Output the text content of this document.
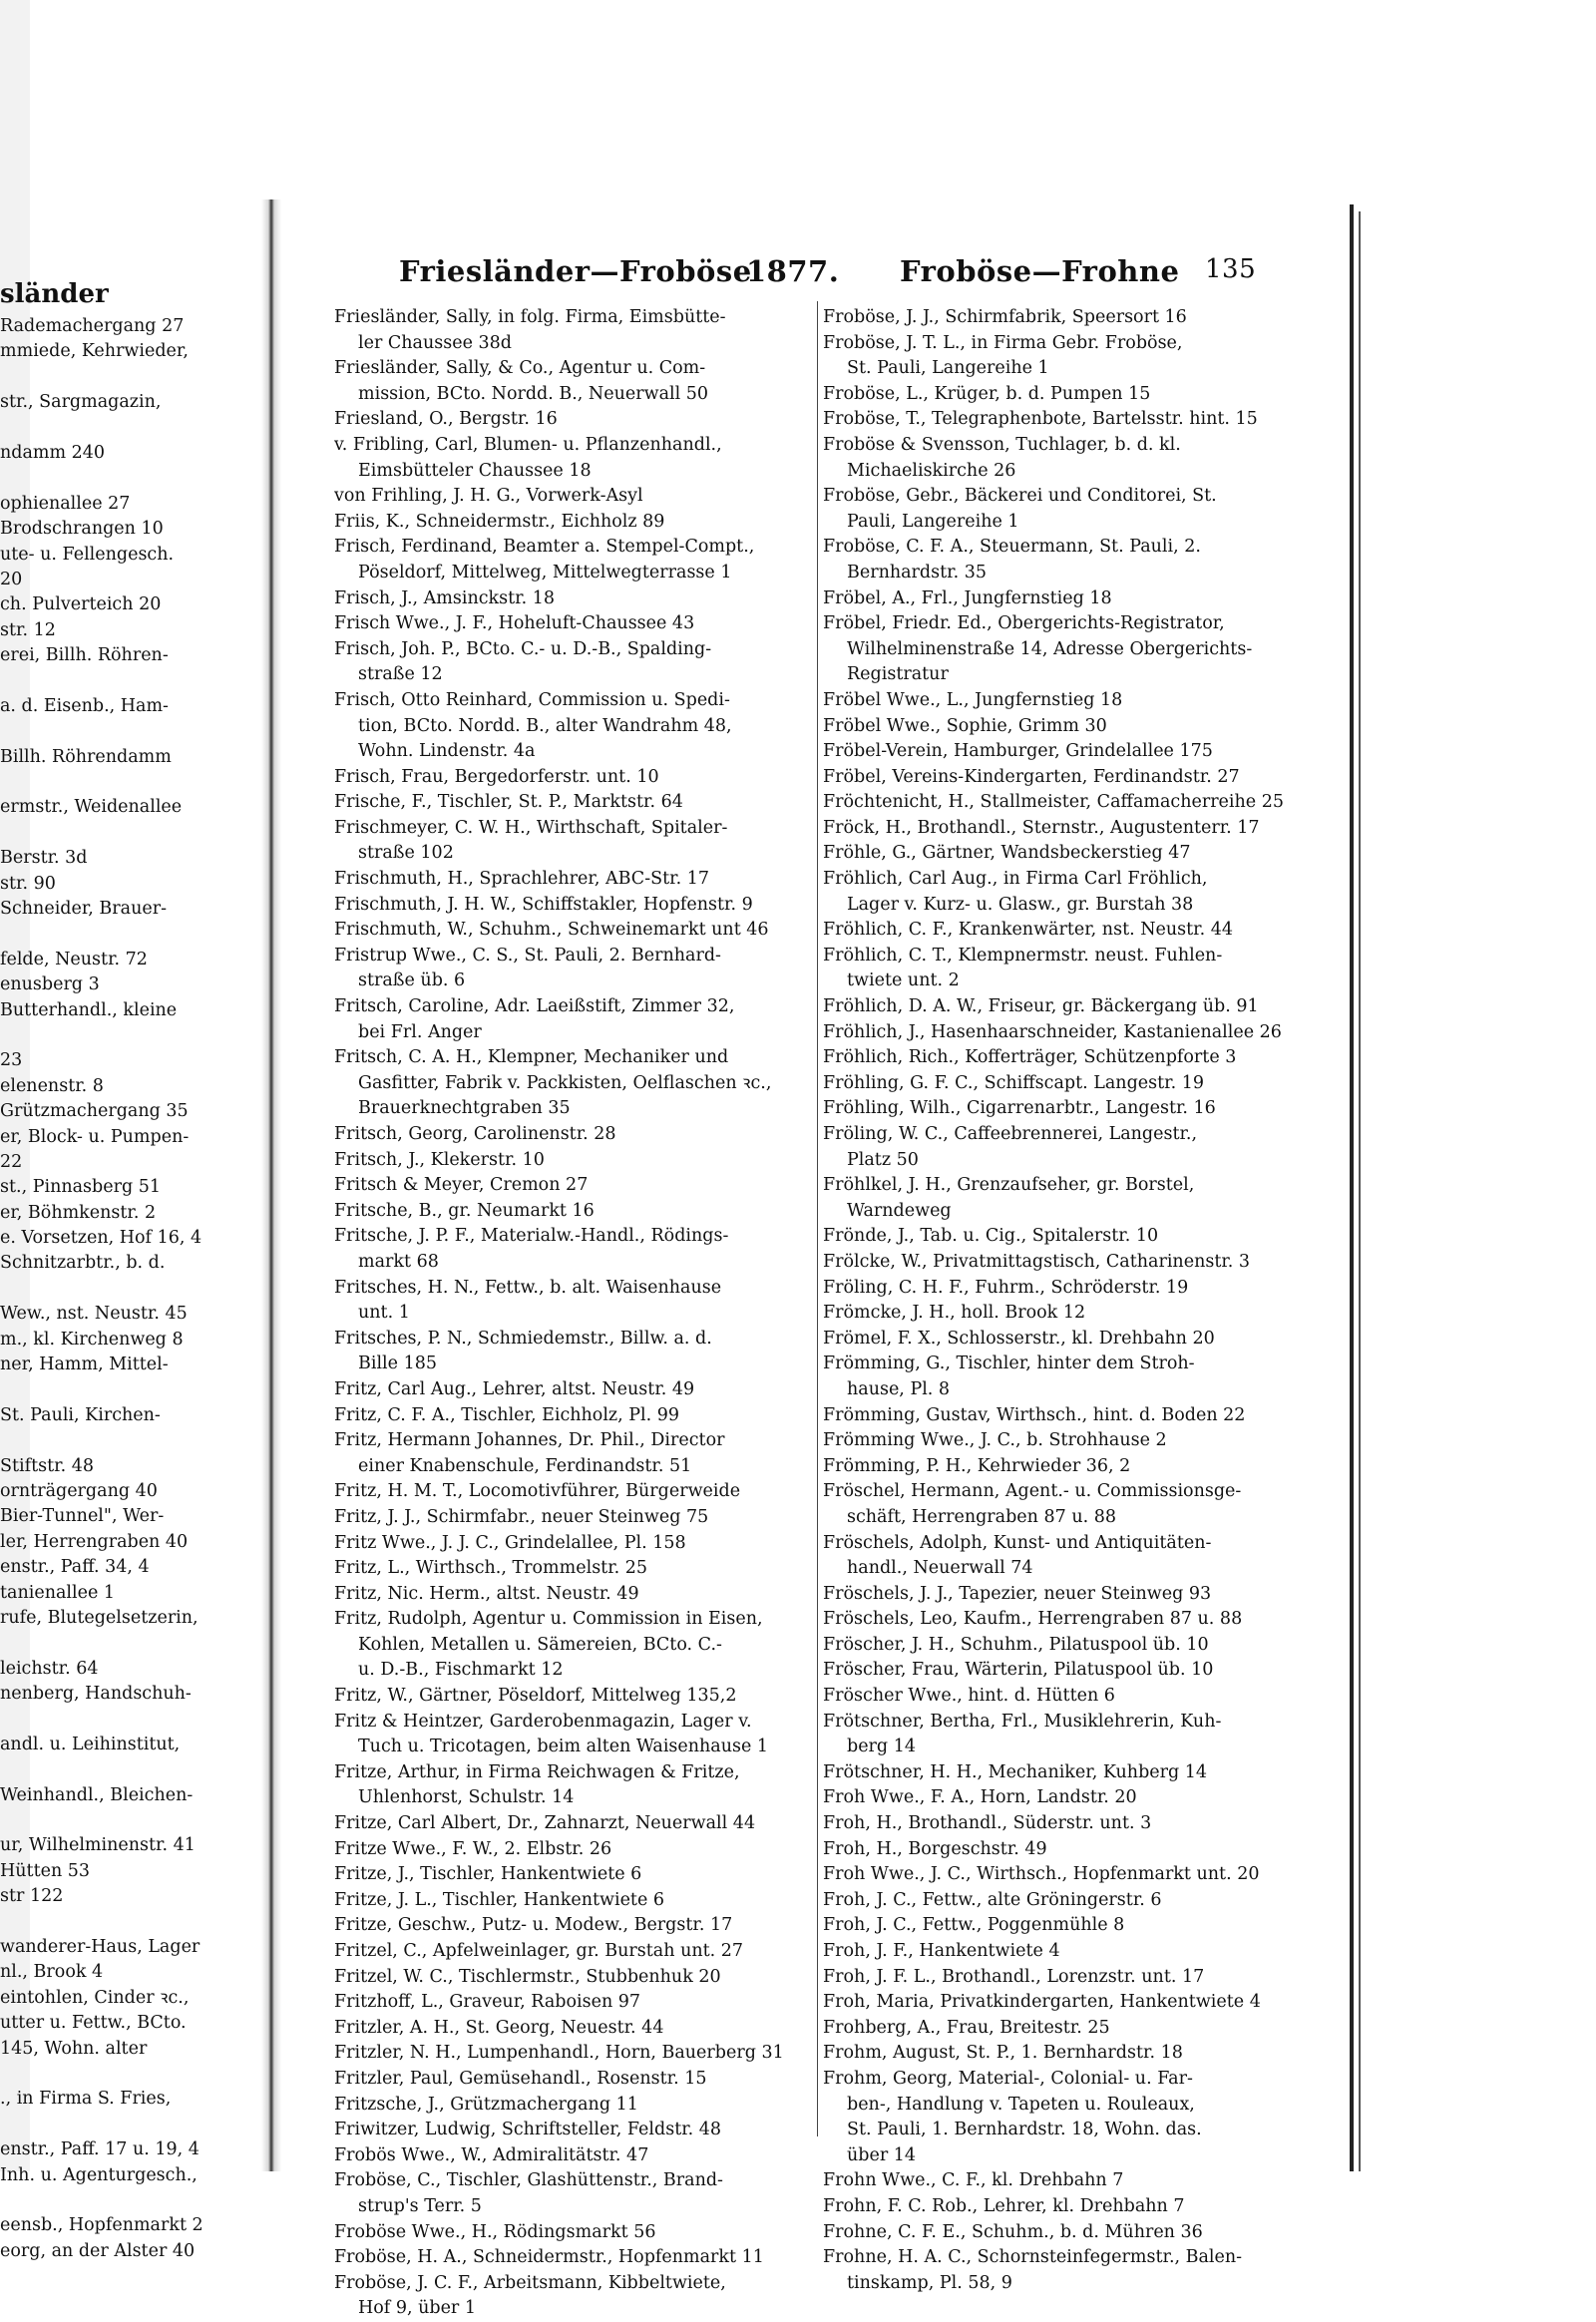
sländer
Rademachergang 27
mmiede, Kehrwieder,
str., Sargmagazin,
ndamm 240
ophienallee 27
Brodschrangen 10
ute- u. Fellengesch.
20
ch. Pulverteich 20
str. 12
erei, Billh. Röhren-
a. d. Eisenb., Ham-
Billh. Röhrendamm
ermstr., Weidenallee
Berstr. 3d
str. 90
Schneider, Brauer-
felde, Neustr. 72
enusberg 3
Butterhandl., kleine
23
elenenstr. 8
Grützmachergang 35
er, Block- u. Pumpen-
22
st., Pinnasberg 51
er, Böhmkenstr. 2
e. Vorsetzen, Hof 16, 4
Schnitzarbtr., b. d.
Wew., nst. Neustr. 45
m., kl. Kirchenweg 8
ner, Hamm, Mittel-
St. Pauli, Kirchen-
Stiftstr. 48
ornträgergang 40
Bier-Tunnel", Wer-
ler, Herrengraben 40
enstr., Paff. 34, 4
tanienallee 1
rufe, Blutegelsetzerin,
leichstr. 64
nenberg, Handschuh-
andl. u. Leihinstitut,
Weinhandl., Bleichen-
ur, Wilhelminenstr. 41
Hütten 53
str 122
wanderer-Haus, Lager
nl., Brook 4
eintohlen, Cinder ꝛc.,
utter u. Fettw., BCto.
145, Wohn. alter
., in Firma S. Fries,
enstr., Paff. 17 u. 19, 4
Inh. u. Agenturgesch.,
eensb., Hopfenmarkt 2
eorg, an der Alster 40
Friesländer—Froböse
1877. Froböse—Frohne 135
Friesländer, Sally, in folg. Firma, Eimsbütte-
ler Chaussee 38d
Friesländer, Sally, & Co., Agentur u. Com-
mission, BCto. Nordd. B., Neuerwall 50
Friesland, O., Bergstr. 16
v. Fribling, Carl, Blumen- u. Pflanzenhandl.,
Eimsbütteler Chaussee 18
von Frihling, J. H. G., Vorwerk-Asyl
Friis, K., Schneidermstr., Eichholz 89
Frisch, Ferdinand, Beamter a. Stempel-Compt.,
Pöseldorf, Mittelweg, Mittelwegterrasse 1
Frisch, J., Amsinckstr. 18
Frisch Wwe., J. F., Hoheluft-Chaussee 43
Frisch, Joh. P., BCto. C.- u. D.-B., Spalding-
straße 12
Frisch, Otto Reinhard, Commission u. Spedi-
tion, BCto. Nordd. B., alter Wandrahm 48,
Wohn. Lindenstr. 4a
Frisch, Frau, Bergedorferstr. unt. 10
Frische, F., Tischler, St. P., Marktstr. 64
Frischmeyer, C. W. H., Wirthschaft, Spitaler-
straße 102
Frischmuth, H., Sprachlehrer, ABC-Str. 17
Frischmuth, J. H. W., Schiffstakler, Hopfenstr. 9
Frischmuth, W., Schuhm., Schweinemarkt unt 46
Fristrup Wwe., C. S., St. Pauli, 2. Bernhard-
straße üb. 6
Fritsch, Caroline, Adr. Laeißstift, Zimmer 32,
bei Frl. Anger
Fritsch, C. A. H., Klempner, Mechaniker und
Gasfitter, Fabrik v. Packkisten, Oelflaschen ꝛc.,
Brauerknechtgraben 35
Fritsch, Georg, Carolinenstr. 28
Fritsch, J., Klekerstr. 10
Fritsch & Meyer, Cremon 27
Fritsche, B., gr. Neumarkt 16
Fritsche, J. P. F., Materialw.-Handl., Rödings-
markt 68
Fritsches, H. N., Fettw., b. alt. Waisenhause
unt. 1
Fritsches, P. N., Schmiedemstr., Billw. a. d.
Bille 185
Fritz, Carl Aug., Lehrer, altst. Neustr. 49
Fritz, C. F. A., Tischler, Eichholz, Pl. 99
Fritz, Hermann Johannes, Dr. Phil., Director
einer Knabenschule, Ferdinandstr. 51
Fritz, H. M. T., Locomotivführer, Bürgerweide
Fritz, J. J., Schirmfabr., neuer Steinweg 75
Fritz Wwe., J. J. C., Grindelallee, Pl. 158
Fritz, L., Wirthsch., Trommelstr. 25
Fritz, Nic. Herm., altst. Neustr. 49
Fritz, Rudolph, Agentur u. Commission in Eisen,
Kohlen, Metallen u. Sämereien, BCto. C.-
u. D.-B., Fischmarkt 12
Fritz, W., Gärtner, Pöseldorf, Mittelweg 135,2
Fritz & Heintzer, Garderobenmagazin, Lager v.
Tuch u. Tricotagen, beim alten Waisenhause 1
Fritze, Arthur, in Firma Reichwagen & Fritze,
Uhlenhorst, Schulstr. 14
Fritze, Carl Albert, Dr., Zahnarzt, Neuerwall 44
Fritze Wwe., F. W., 2. Elbstr. 26
Fritze, J., Tischler, Hankentwiete 6
Fritze, J. L., Tischler, Hankentwiete 6
Fritze, Geschw., Putz- u. Modew., Bergstr. 17
Fritzel, C., Apfelweinlager, gr. Burstah unt. 27
Fritzel, W. C., Tischlermstr., Stubbenhuk 20
Fritzhoff, L., Graveur, Raboisen 97
Fritzler, A. H., St. Georg, Neuestr. 44
Fritzler, N. H., Lumpenhandl., Horn, Bauerberg 31
Fritzler, Paul, Gemüsehandl., Rosenstr. 15
Fritzsche, J., Grützmachergang 11
Friwitzer, Ludwig, Schriftsteller, Feldstr. 48
Frobös Wwe., W., Admiralitätstr. 47
Froböse, C., Tischler, Glashüttenstr., Brand-
strup's Terr. 5
Froböse Wwe., H., Rödingsmarkt 56
Froböse, H. A., Schneidermstr., Hopfenmarkt 11
Froböse, J. C. F., Arbeitsmann, Kibbeltwiete,
Hof 9, über 1
Froböse, J. J., Schirmfabrik, Speersort 16
Froböse, J. T. L., in Firma Gebr. Froböse,
St. Pauli, Langereihe 1
Froböse, L., Krüger, b. d. Pumpen 15
Froböse, T., Telegraphenbote, Bartelsstr. hint. 15
Froböse & Svensson, Tuchlager, b. d. kl.
Michaeliskirche 26
Froböse, Gebr., Bäckerei und Conditorei, St.
Pauli, Langereihe 1
Froböse, C. F. A., Steuermann, St. Pauli, 2.
Bernhardstr. 35
Fröbel, A., Frl., Jungfernstieg 18
Fröbel, Friedr. Ed., Obergerichts-Registrator,
Wilhelminenstraße 14, Adresse Obergerichts-
Registratur
Fröbel Wwe., L., Jungfernstieg 18
Fröbel Wwe., Sophie, Grimm 30
Fröbel-Verein, Hamburger, Grindelallee 175
Fröbel, Vereins-Kindergarten, Ferdinandstr. 27
Fröchtenicht, H., Stallmeister, Caffamacherreihe 25
Fröck, H., Brothandl., Sternstr., Augustenterr. 17
Fröhle, G., Gärtner, Wandsbeckerstieg 47
Fröhlich, Carl Aug., in Firma Carl Fröhlich,
Lager v. Kurz- u. Glasw., gr. Burstah 38
Fröhlich, C. F., Krankenwärter, nst. Neustr. 44
Fröhlich, C. T., Klempnermstr. neust. Fuhlen-
twiete unt. 2
Fröhlich, D. A. W., Friseur, gr. Bäckergang üb. 91
Fröhlich, J., Hasenhaarschneider, Kastanienallee 26
Fröhlich, Rich., Kofferträger, Schützenpforte 3
Fröhling, G. F. C., Schiffscapt. Langestr. 19
Fröhling, Wilh., Cigarrenarbtr., Langestr. 16
Fröling, W. C., Caffeebrennerei, Langestr.,
Platz 50
Fröhlkel, J. H., Grenzaufseher, gr. Borstel,
Warndeweg
Frönde, J., Tab. u. Cig., Spitalerstr. 10
Frölcke, W., Privatmittagstisch, Catharinenstr. 3
Fröling, C. H. F., Fuhrm., Schröderstr. 19
Frömcke, J. H., holl. Brook 12
Frömel, F. X., Schlosserstr., kl. Drehbahn 20
Frömming, G., Tischler, hinter dem Stroh-
hause, Pl. 8
Frömming, Gustav, Wirthsch., hint. d. Boden 22
Frömming Wwe., J. C., b. Strohhause 2
Frömming, P. H., Kehrwieder 36, 2
Fröschel, Hermann, Agent.- u. Commissionsge-
schäft, Herrengraben 87 u. 88
Fröschels, Adolph, Kunst- und Antiquitäten-
handl., Neuerwall 74
Fröschels, J. J., Tapezier, neuer Steinweg 93
Fröschels, Leo, Kaufm., Herrengraben 87 u. 88
Fröscher, J. H., Schuhm., Pilatuspool üb. 10
Fröscher, Frau, Wärterin, Pilatuspool üb. 10
Fröscher Wwe., hint. d. Hütten 6
Frötschner, Bertha, Frl., Musiklehrerin, Kuh-
berg 14
Frötschner, H. H., Mechaniker, Kuhberg 14
Froh Wwe., F. A., Horn, Landstr. 20
Froh, H., Brothandl., Süderstr. unt. 3
Froh, H., Borgeschstr. 49
Froh Wwe., J. C., Wirthsch., Hopfenmarkt unt. 20
Froh, J. C., Fettw., alte Gröningerstr. 6
Froh, J. C., Fettw., Poggenmühle 8
Froh, J. F., Hankentwiete 4
Froh, J. F. L., Brothandl., Lorenzstr. unt. 17
Froh, Maria, Privatkindergarten, Hankentwiete 4
Frohberg, A., Frau, Breitestr. 25
Frohm, August, St. P., 1. Bernhardstr. 18
Frohm, Georg, Material-, Colonial- u. Far-
ben-, Handlung v. Tapeten u. Rouleaux,
St. Pauli, 1. Bernhardstr. 18, Wohn. das.
über 14
Frohn Wwe., C. F., kl. Drehbahn 7
Frohn, F. C. Rob., Lehrer, kl. Drehbahn 7
Frohne, C. F. E., Schuhm., b. d. Mühren 36
Frohne, H. A. C., Schornsteinfegermstr., Balen-
tinskamp, Pl. 58, 9
